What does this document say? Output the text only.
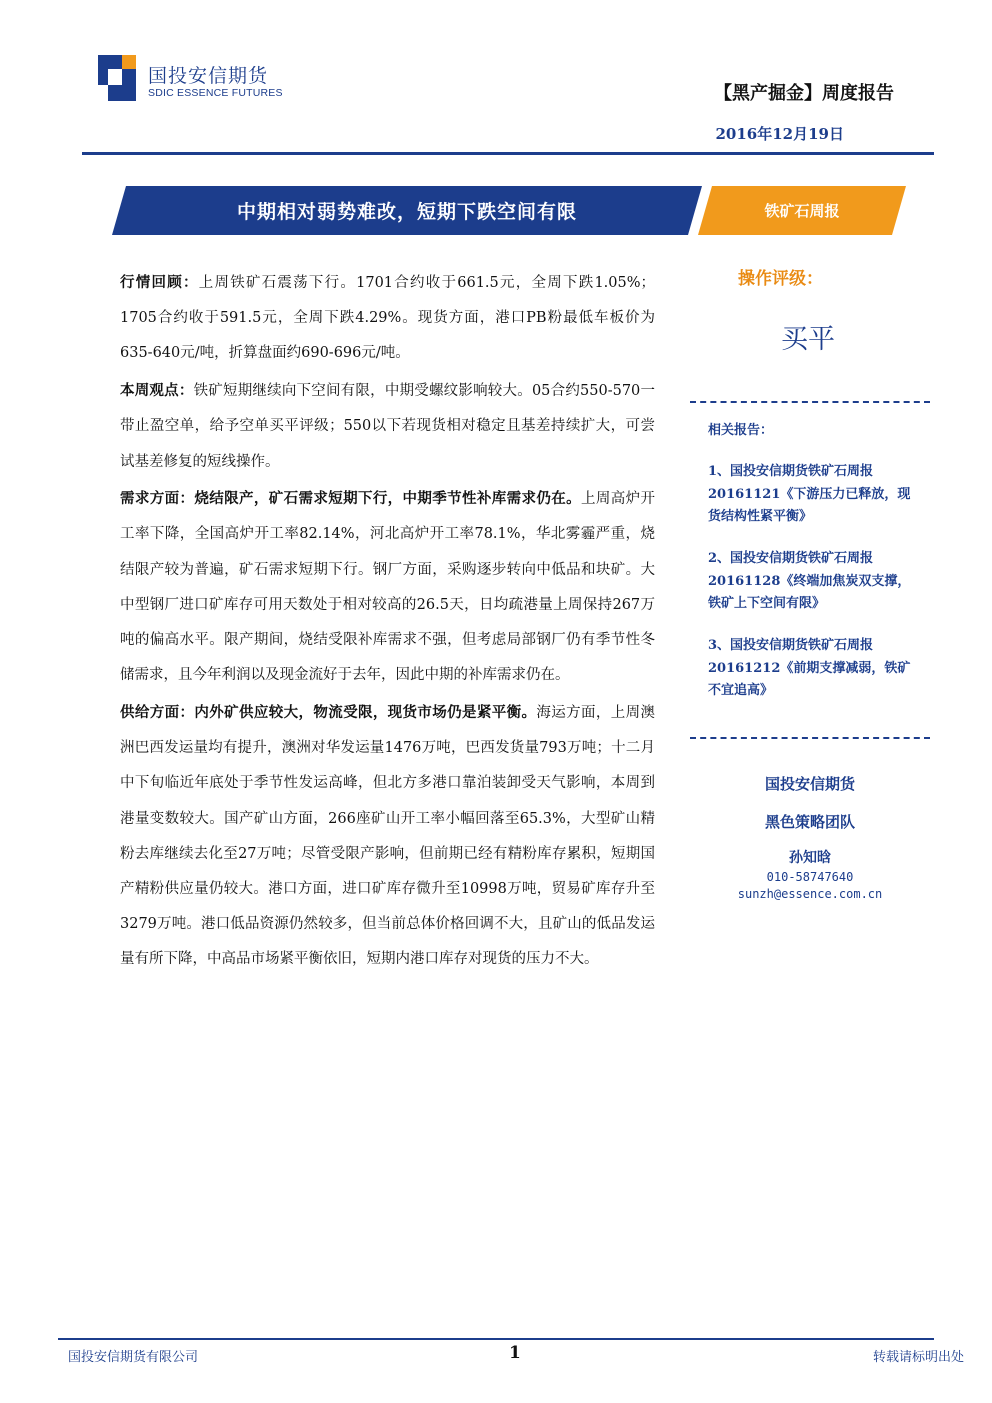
国投安信期货
SDIC ESSENCE FUTURES	【黑产掘金】周度报告
2016年12月19日
中期相对弱势难改，短期下跌空间有限	铁矿石周报

行情回顾：上周铁矿石震荡下行。1701合约收于661.5元，全周下跌1.05%；1705合约收于591.5元，全周下跌4.29%。现货方面，港口PB粉最低车板价为635-640元/吨，折算盘面约690-696元/吨。

本周观点：铁矿短期继续向下空间有限，中期受螺纹影响较大。05合约550-570一带止盈空单，给予空单买平评级；550以下若现货相对稳定且基差持续扩大，可尝试基差修复的短线操作。

需求方面：烧结限产，矿石需求短期下行，中期季节性补库需求仍在。上周高炉开工率下降，全国高炉开工率82.14%，河北高炉开工率78.1%，华北雾霾严重，烧结限产较为普遍，矿石需求短期下行。钢厂方面，采购逐步转向中低品和块矿。大中型钢厂进口矿库存可用天数处于相对较高的26.5天，日均疏港量上周保持267万吨的偏高水平。限产期间，烧结受限补库需求不强，但考虑局部钢厂仍有季节性冬储需求，且今年利润以及现金流好于去年，因此中期的补库需求仍在。

供给方面：内外矿供应较大，物流受限，现货市场仍是紧平衡。海运方面，上周澳洲巴西发运量均有提升，澳洲对华发运量1476万吨，巴西发货量793万吨；十二月中下旬临近年底处于季节性发运高峰，但北方多港口靠泊装卸受天气影响，本周到港量变数较大。国产矿山方面，266座矿山开工率小幅回落至65.3%，大型矿山精粉去库继续去化至27万吨；尽管受限产影响，但前期已经有精粉库存累积，短期国产精粉供应量仍较大。港口方面，进口矿库存微升至10998万吨，贸易矿库存升至3279万吨。港口低品资源仍然较多，但当前总体价格回调不大，且矿山的低品发运量有所下降，中高品市场紧平衡依旧，短期内港口库存对现货的压力不大。

操作评级：
买平
相关报告：
1、国投安信期货铁矿石周报 20161121《下游压力已释放，现货结构性紧平衡》
2、国投安信期货铁矿石周报 20161128《终端加焦炭双支撑，铁矿上下空间有限》
3、国投安信期货铁矿石周报 20161212《前期支撑减弱，铁矿不宜追高》
国投安信期货
黑色策略团队
孙知晗
010-58747640
sunzh@essence.com.cn
国投安信期货有限公司	1	转载请标明出处
